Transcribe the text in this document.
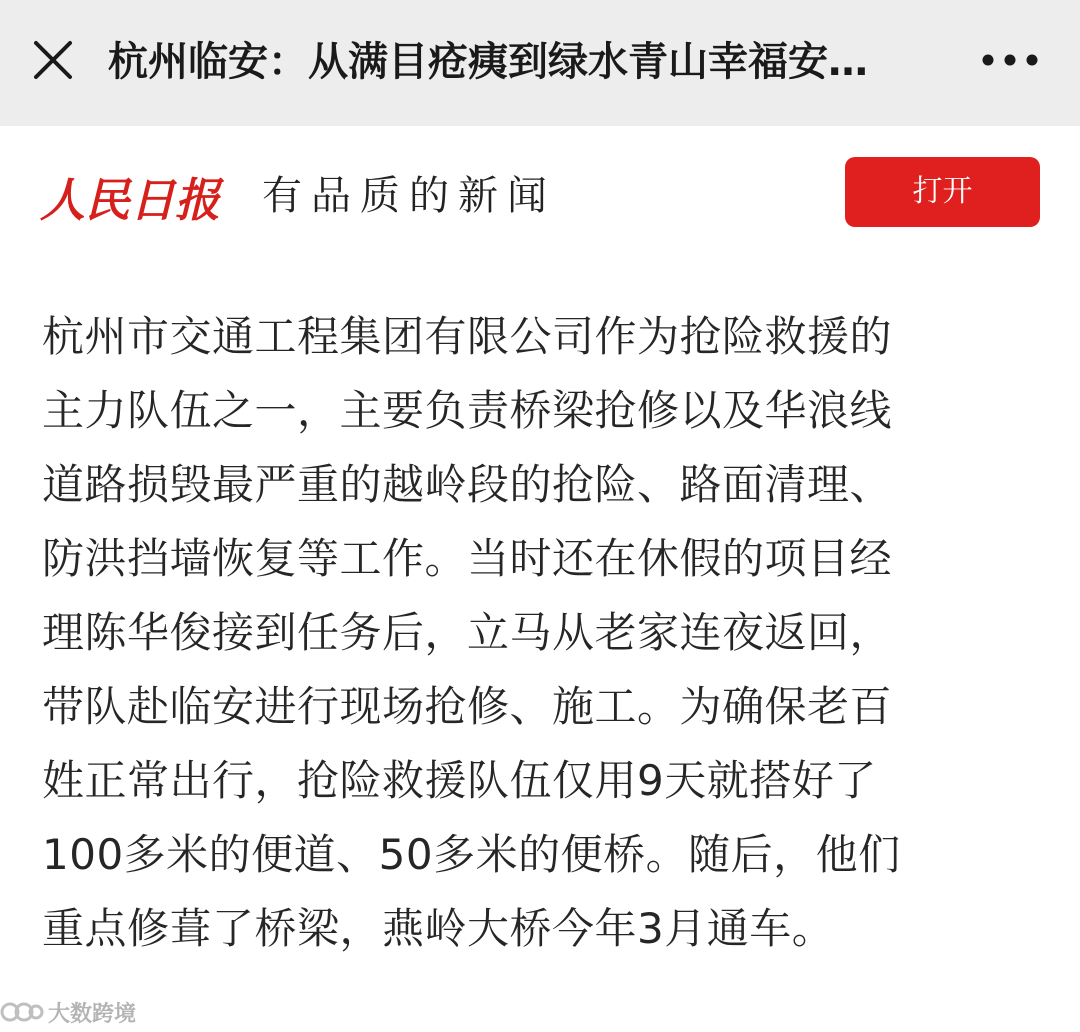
杭州临安：从满目疮痍到绿水青山幸福安…
人民日报 有品质的新闻	打开
杭州市交通工程集团有限公司作为抢险救援的
主力队伍之一，主要负责桥梁抢修以及华浪线
道路损毁最严重的越岭段的抢险、路面清理、
防洪挡墙恢复等工作。当时还在休假的项目经
理陈华俊接到任务后，立马从老家连夜返回，
带队赴临安进行现场抢修、施工。为确保老百
姓正常出行，抢险救援队伍仅用9天就搭好了
100多米的便道、50多米的便桥。随后，他们
重点修葺了桥梁，燕岭大桥今年3月通车。
大数跨境
